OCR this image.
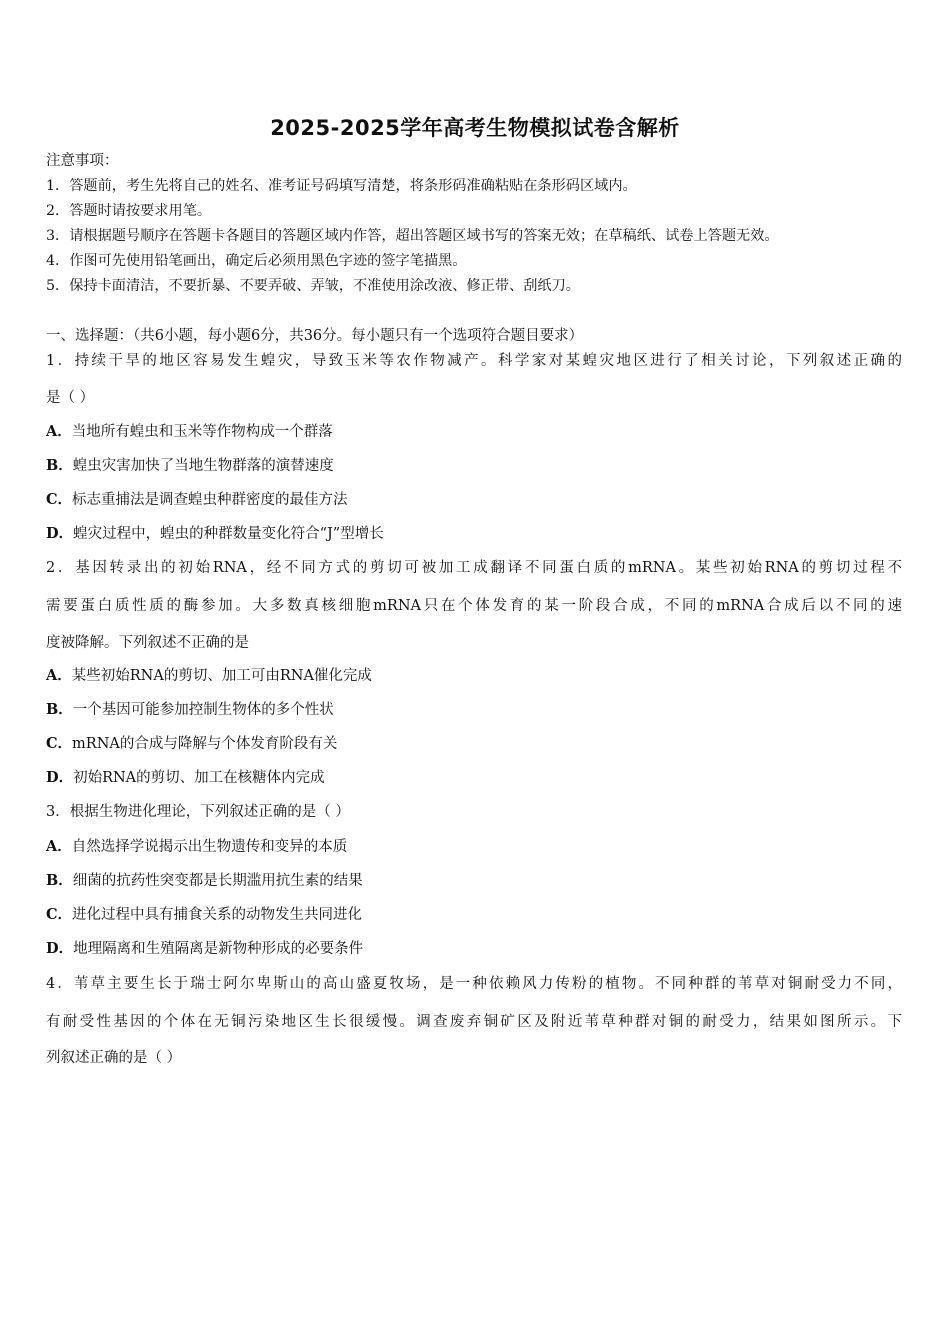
2025-2025学年高考生物模拟试卷含解析
注意事项：
1．答题前，考生先将自己的姓名、准考证号码填写清楚，将条形码准确粘贴在条形码区域内。
2．答题时请按要求用笔。
3．请根据题号顺序在答题卡各题目的答题区域内作答，超出答题区域书写的答案无效；在草稿纸、试卷上答题无效。
4．作图可先使用铅笔画出，确定后必须用黑色字迹的签字笔描黑。
5．保持卡面清洁，不要折暴、不要弄破、弄皱，不准使用涂改液、修正带、刮纸刀。
一、选择题：（共6小题，每小题6分，共36分。每小题只有一个选项符合题目要求）
1．持续干旱的地区容易发生蝗灾，导致玉米等农作物减产。科学家对某蝗灾地区进行了相关讨论，下列叙述正确的
是（ ）
A．当地所有蝗虫和玉米等作物构成一个群落
B．蝗虫灾害加快了当地生物群落的演替速度
C．标志重捕法是调查蝗虫种群密度的最佳方法
D．蝗灾过程中，蝗虫的种群数量变化符合“J”型增长
2．基因转录出的初始RNA，经不同方式的剪切可被加工成翻译不同蛋白质的mRNA。某些初始RNA的剪切过程不
需要蛋白质性质的酶参加。大多数真核细胞mRNA只在个体发育的某一阶段合成，不同的mRNA合成后以不同的速
度被降解。下列叙述不正确的是
A．某些初始RNA的剪切、加工可由RNA催化完成
B．一个基因可能参加控制生物体的多个性状
C．mRNA的合成与降解与个体发育阶段有关
D．初始RNA的剪切、加工在核糖体内完成
3．根据生物进化理论，下列叙述正确的是（ ）
A．自然选择学说揭示出生物遗传和变异的本质
B．细菌的抗药性突变都是长期滥用抗生素的结果
C．进化过程中具有捕食关系的动物发生共同进化
D．地理隔离和生殖隔离是新物种形成的必要条件
4．苇草主要生长于瑞士阿尔卑斯山的高山盛夏牧场，是一种依赖风力传粉的植物。不同种群的苇草对铜耐受力不同，
有耐受性基因的个体在无铜污染地区生长很缓慢。调查废弃铜矿区及附近苇草种群对铜的耐受力，结果如图所示。下
列叙述正确的是（ ）
